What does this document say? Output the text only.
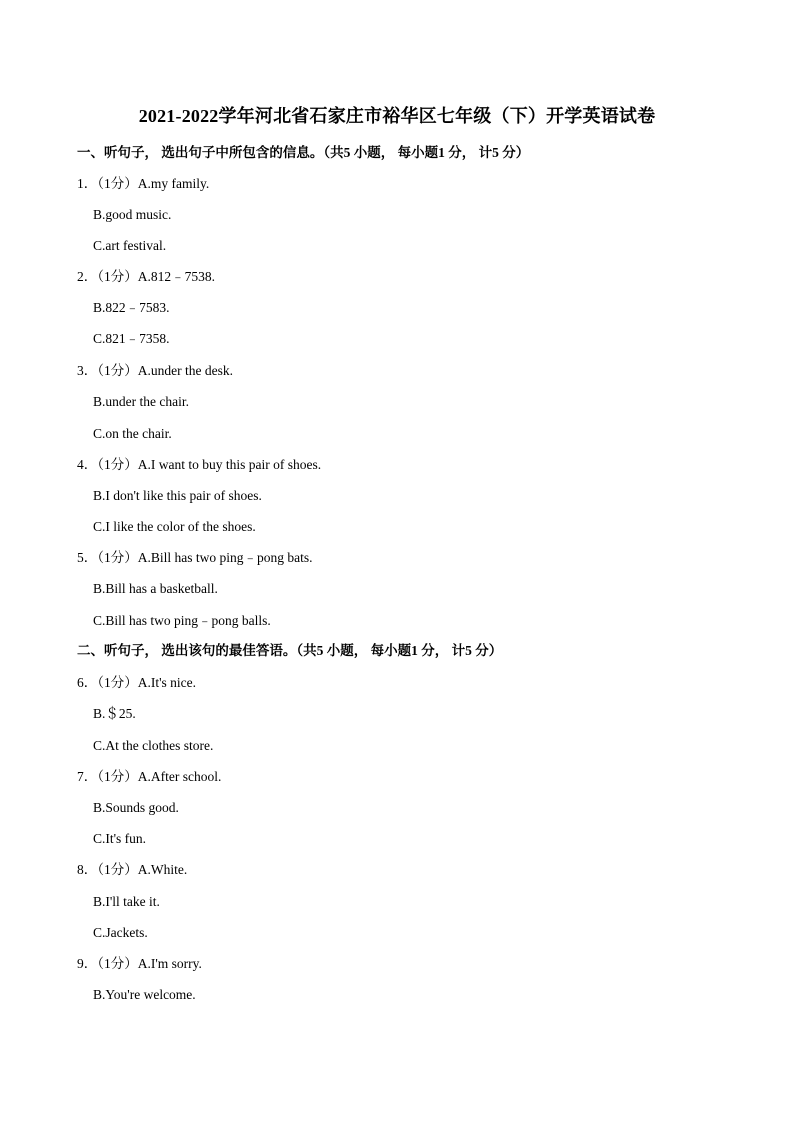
2021-2022学年河北省石家庄市裕华区七年级（下）开学英语试卷
一、听句子， 选出句子中所包含的信息。（共5 小题， 每小题1 分， 计5 分）
1．（1分）A.my family.
B.good music.
C.art festival.
2．（1分）A.812﹣7538.
B.822﹣7583.
C.821﹣7358.
3．（1分）A.under the desk.
B.under the chair.
C.on the chair.
4．（1分）A.I want to buy this pair of shoes.
B.I don't like this pair of shoes.
C.I like the color of the shoes.
5．（1分）A.Bill has two ping﹣pong bats.
B.Bill has a basketball.
C.Bill has two ping﹣pong balls.
二、听句子， 选出该句的最佳答语。（共5 小题， 每小题1 分， 计5 分）
6．（1分）A.It's nice.
B.＄25.
C.At the clothes store.
7．（1分）A.After school.
B.Sounds good.
C.It's fun.
8．（1分）A.White.
B.I'll take it.
C.Jackets.
9．（1分）A.I'm sorry.
B.You're welcome.
